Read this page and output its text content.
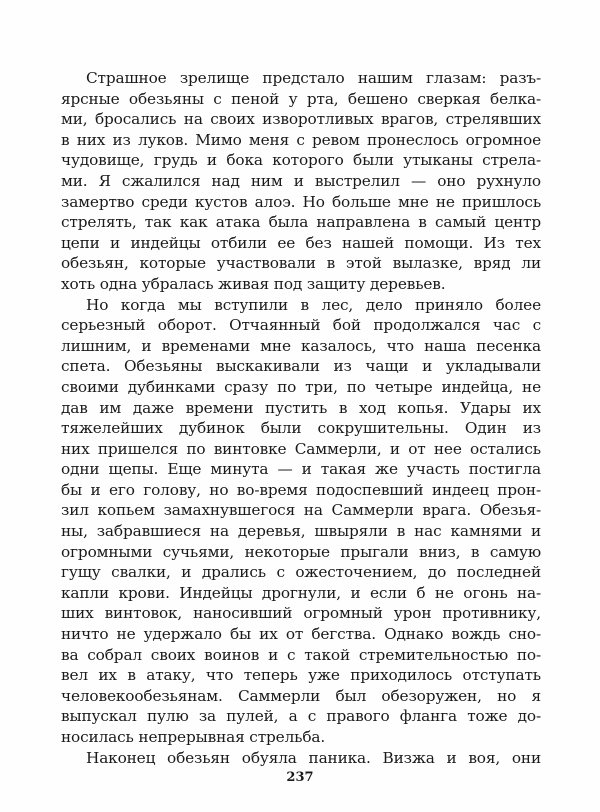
Страшное зрелище предстало нашим глазам: разъ-
ярсные обезьяны с пеной у рта, бешено сверкая белка-
ми, бросались на своих изворотливых врагов, стрелявших
в них из луков. Мимо меня с ревом пронеслось огромное
чудовище, грудь и бока которого были утыканы стрела-
ми. Я сжалился над ним и выстрелил — оно рухнуло
замертво среди кустов алоэ. Но больше мне не пришлось
стрелять, так как атака была направлена в самый центр
цепи и индейцы отбили ее без нашей помощи. Из тех
обезьян, которые участвовали в этой вылазке, вряд ли
хоть одна убралась живая под защиту деревьев.
Но когда мы вступили в лес, дело приняло более
серьезный оборот. Отчаянный бой продолжался час с
лишним, и временами мне казалось, что наша песенка
спета. Обезьяны выскакивали из чащи и укладывали
своими дубинками сразу по три, по четыре индейца, не
дав им даже времени пустить в ход копья. Удары их
тяжелейших дубинок были сокрушительны. Один из
них пришелся по винтовке Саммерли, и от нее остались
одни щепы. Еще минута — и такая же участь постигла
бы и его голову, но во-время подоспевший индеец прон-
зил копьем замахнувшегося на Саммерли врага. Обезья-
ны, забравшиеся на деревья, швыряли в нас камнями и
огромными сучьями, некоторые прыгали вниз, в самую
гущу свалки, и дрались с ожесточением, до последней
капли крови. Индейцы дрогнули, и если б не огонь на-
ших винтовок, наносивший огромный урон противнику,
ничто не удержало бы их от бегства. Однако вождь сно-
ва собрал своих воинов и с такой стремительностью по-
вел их в атаку, что теперь уже приходилось отступать
человекообезьянам. Саммерли был обезоружен, но я
выпускал пулю за пулей, а с правого фланга тоже до-
носилась непрерывная стрельба.
Наконец обезьян обуяла паника. Визжа и воя, они
237
